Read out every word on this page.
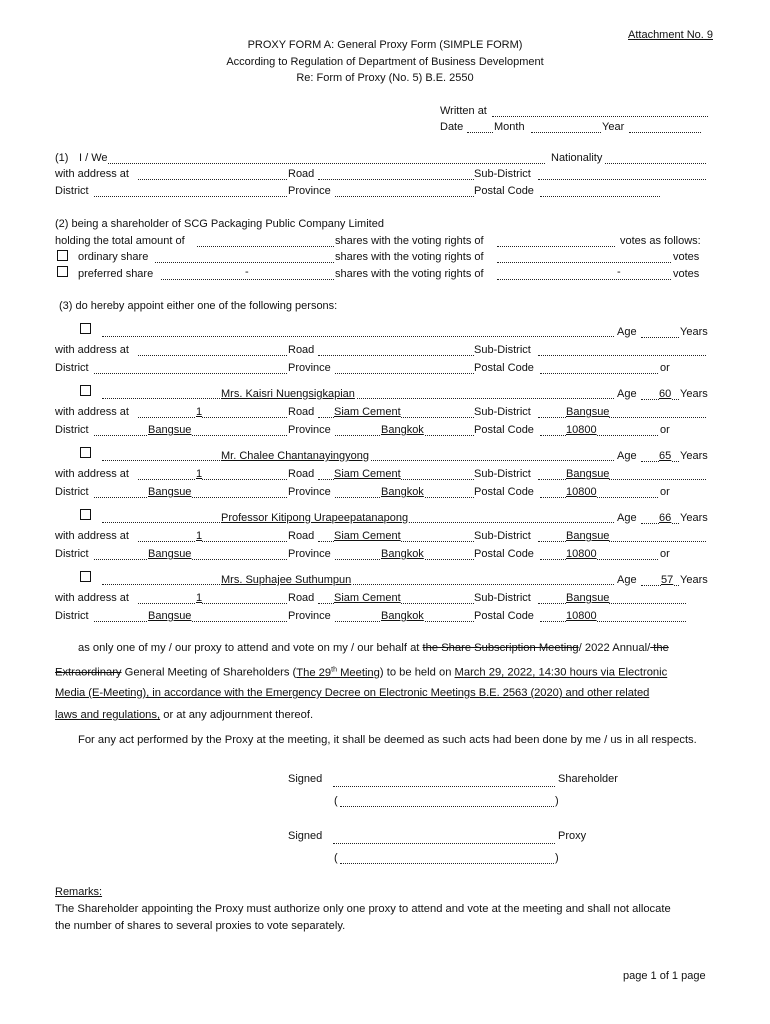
Attachment No. 9
PROXY FORM A: General Proxy Form (SIMPLE FORM)
According to Regulation of Department of Business Development
Re: Form of Proxy (No. 5) B.E. 2550
Written at
Date	Month	Year
(1) I / We	Nationality
with address at	Road	Sub-District
District	Province	Postal Code
(2) being a shareholder of SCG Packaging Public Company Limited
holding the total amount of	shares with the voting rights of	votes as follows:
ordinary share	shares with the voting rights of	votes
preferred share	-	shares with the voting rights of	-	votes
(3) do hereby appoint either one of the following persons:
Age	Years
with address at	Road	Sub-District
District	Province	Postal Code	or
Mrs. Kaisri Nuengsigkapian	Age 60 Years
with address at	1	Road Siam Cement	Sub-District	Bangsue
District	Bangsue	Province	Bangkok	Postal Code	10800	or
Mr. Chalee Chantanayingyong	Age 65 Years
with address at	1	Road Siam Cement	Sub-District	Bangsue
District	Bangsue	Province	Bangkok	Postal Code	10800	or
Professor Kitipong Urapeepatanapong	Age 66 Years
with address at	1	Road Siam Cement	Sub-District	Bangsue
District	Bangsue	Province	Bangkok	Postal Code	10800	or
Mrs. Suphajee Suthumpun	Age 57 Years
with address at	1	Road Siam Cement	Sub-District	Bangsue
District	Bangsue	Province	Bangkok	Postal Code	10800
as only one of my / our proxy to attend and vote on my / our behalf at the Share Subscription Meeting/ 2022 Annual/ the
Extraordinary General Meeting of Shareholders (The 29th Meeting) to be held on March 29, 2022, 14:30 hours via Electronic
Media (E-Meeting), in accordance with the Emergency Decree on Electronic Meetings B.E. 2563 (2020) and other related
laws and regulations, or at any adjournment thereof.
For any act performed by the Proxy at the meeting, it shall be deemed as such acts had been done by me / us in all respects.
Signed	Shareholder
(	)
Signed	Proxy
(	)
Remarks:
The Shareholder appointing the Proxy must authorize only one proxy to attend and vote at the meeting and shall not allocate
the number of shares to several proxies to vote separately.
page 1 of 1 page
